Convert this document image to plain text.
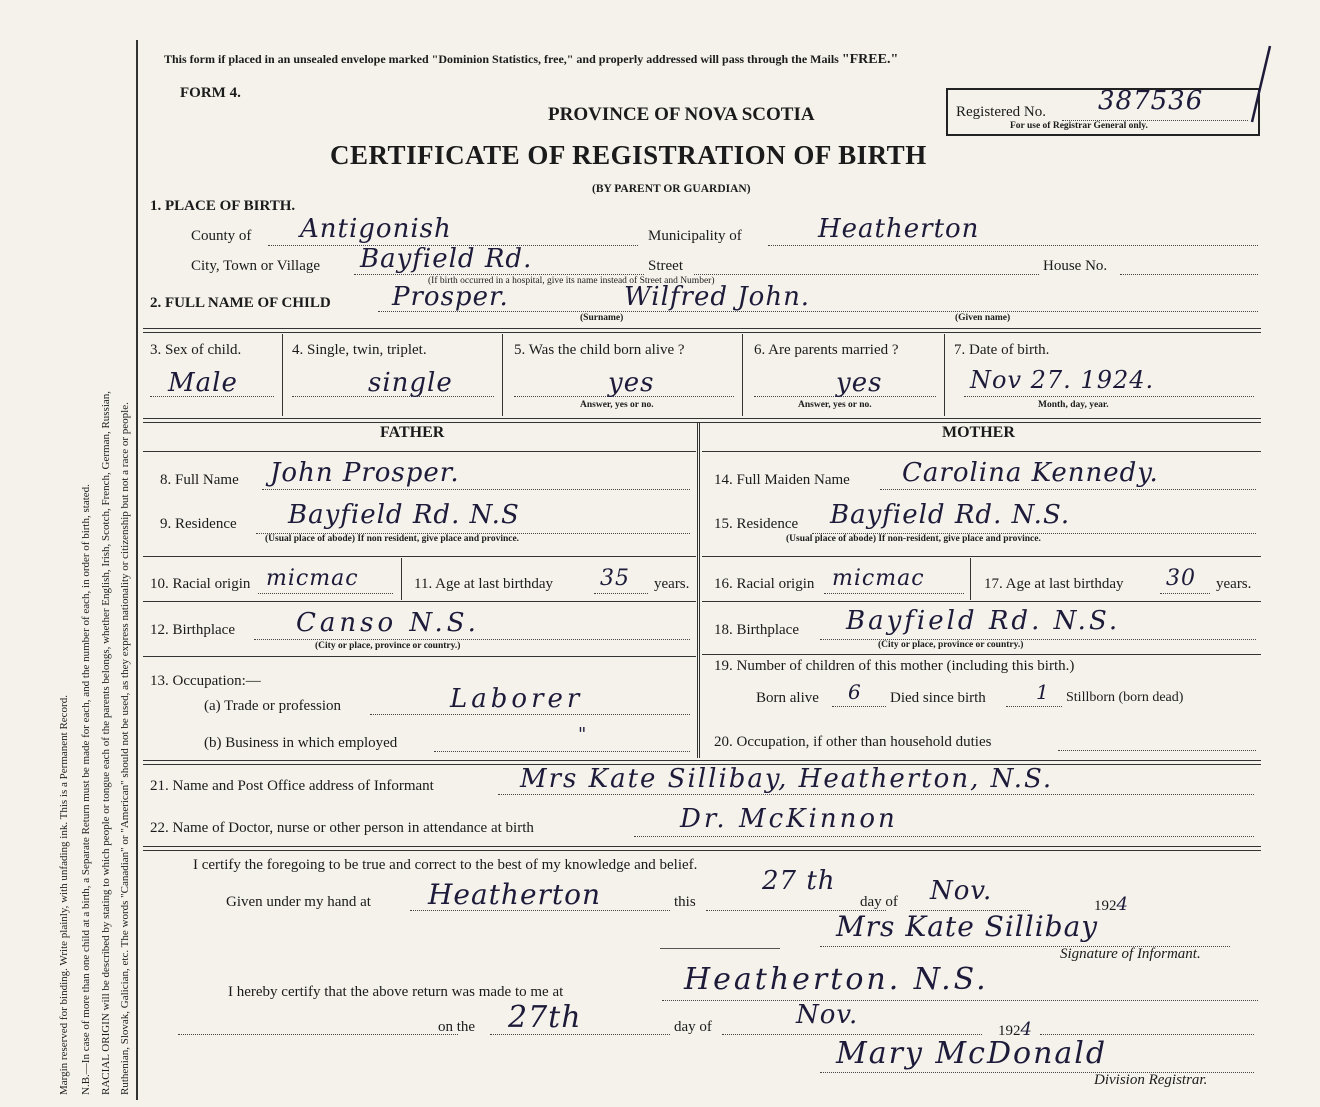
Margin reserved for binding. Write plainly, with unfading ink. This is a Permanent Record. N.B.—In case of more than one child at a birth, a Separate Return must be made for each, and the number of each, in order of birth, stated. RACIAL ORIGIN will be described by stating to which people or tongue each of the parents belongs, whether English, Irish, Scotch, French, German, Russian, Ruthenian, Slovak, Galician, etc. The words "Canadian" or "American" should not be used, as they express nationality or citizenship but not a race or people.
This form if placed in an unsealed envelope marked "Dominion Statistics, free," and properly addressed will pass through the Mails "FREE."
FORM 4.
PROVINCE OF NOVA SCOTIA	Registered No. 387536
For use of Registrar General only.
CERTIFICATE OF REGISTRATION OF BIRTH
(BY PARENT OR GUARDIAN)
1. PLACE OF BIRTH.
County of Antigonish	Municipality of	Heatherton
City, Town or Village Bayfield Rd.	Street	House No.
(If birth occurred in a hospital, give its name instead of Street and Number)
2. FULL NAME OF CHILD Prosper.	Wilfred John.
(Surname)	(Given name)
3. Sex of child.
Male
4. Single, twin, triplet.
single
5. Was the child born alive ?
yes
Answer, yes or no.
6. Are parents married ?
yes
Answer, yes or no.
7. Date of birth.
Nov 27. 1924.
Month, day, year.
FATHER	MOTHER
8. Full Name John Prosper.
9. Residence Bayfield Rd. N.S
(Usual place of abode) If non resident, give place and province.
10. Racial origin micmac	11. Age at last birthday 35 years.
12. Birthplace Canso N.S.
(City or place, province or country.)
13. Occupation:—
(a) Trade or profession	Laborer
(b) Business in which employed	"
14. Full Maiden Name Carolina Kennedy.
15. Residence Bayfield Rd. N.S.
(Usual place of abode) If non-resident, give place and province.
16. Racial origin micmac	17. Age at last birthday 30 years.
18. Birthplace Bayfield Rd. N.S.
(City or place, province or country.)
19. Number of children of this mother (including this birth.)
Born alive 6 Died since birth	1 Stillborn (born dead)
20. Occupation, if other than household duties
21. Name and Post Office address of Informant	Mrs Kate Sillibay, Heatherton, N.S.
22. Name of Doctor, nurse or other person in attendance at birth	Dr. McKinnon
I certify the foregoing to be true and correct to the best of my knowledge and belief.
Given under my hand at Heatherton	this
27 th
day of Nov.	1924
Mrs Kate Sillibay
Signature of Informant.
I hereby certify that the above return was made to me at	Heatherton. N.S.
on the 27th	day of	Nov.
1924
Mary McDonald
Division Registrar.
